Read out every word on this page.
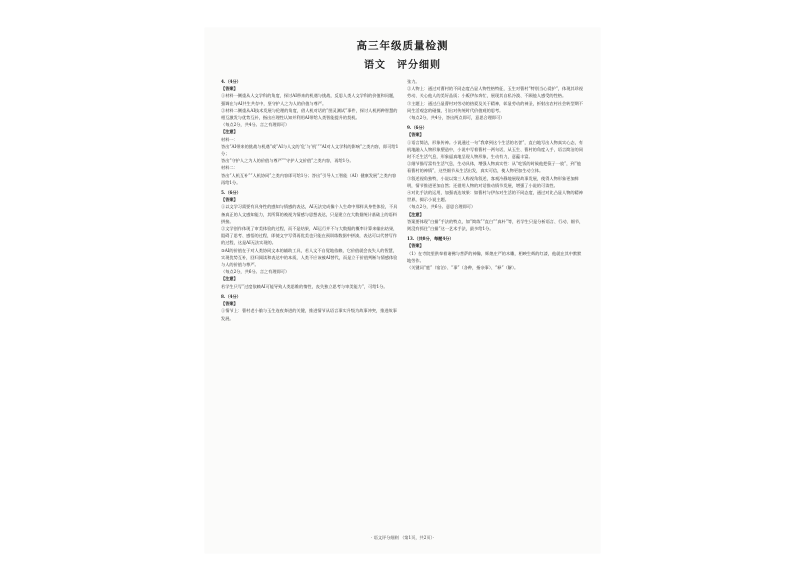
高三年级质量检测
语文　评分细则
4.（4分）
【答案】
①材料一侧重从人文学科的角度，探讨AI带来的机遇与挑战，反思人类人文学科的价值和问题，强调在与AI共生共存中，坚守护人之为人的价值与尊严。
②材料二侧重从AI技术发展与伦理的角度，借人机对话的“图灵测试”事件，探讨人机两种智慧的相互激发与优势互补，指出应理性认知并利用AI带给人类智能提升的契机。
（每点2分，共4分。言之有理即可）
【注意】
材料一：
答出“AI带来的挑战与机遇”或“AI与人文的‘危’与‘机’”“AI对人文学科的影响”之类内容，即可给1分；
答出“守护人之为人的价值与尊严”“守护人文价值”之类内容，再给1分。
材料二：
答出“人机互补”“人机协同”之类内容即可给1分；答出“引导人工智能（AI）健康发展”之类内容再给1分。
5.（6分）
【答案】
①以文学习需要有具身性的感知与情感的表达，AI无法完成像个人生命中那样具身性体验，不具备真正的人文感知能力，其所算的被视为情感与思想表达，只是建立在大数据统计基础上的语料拼接。
②文学创作体现了审美体验的过程，而不是结果，AI运行并不与大数据的概率计算来输出结果，阻碍了思考、感悟的过程，即使文字写得再优美也只能在预训练数据中拼凑，表达可以代替写作的过程，这是AI无法实现的。
③AI的价值在于对人类协同文本的辅助工具，若人文不自觉地依赖，它价值就会丧失人的智慧，实现优势互补，回归阅读和表达中的本质，人类不应该被AI替代，而是立于价值判断与情感体验与人的价值与尊严。
（每点2分，共6分。言之有理即可）
【注意】
若学生只写“过度依赖AI可能导致人类思维的惰性，丧失独立思考与审美能力”，可给1分。
8.（4分）
【答案】
①情节上：曹村老小偷与玉生连夜奔进的关键，推进情节从语言事实升级为故事冲突，推进故事发展。
张力。
②人物上：通过对曹村的不同态度凸显人物性格特征，玉生对曹村“特别当心爱护”，体现其珍视劳动、关心他人的美好品质；小贩伊东奔忙，展现其自私冷漠、不顾他人感受的性格。
③主题上：通过凸显曹村对劳动的热爱及关于精神，彰显劳动的神圣，折射出农村社会转型期不同生活观念的碰撞，引出对传统时代价值观的思考。
（每点2分，共4分，答出两点即可，意思合理即可）
9.（6分）
【答案】
①语言简洁，形象传神。小说通过一句“我拿到这个生活的名誉”，直白地写出人物真实心态，有机地融入人物形象塑造中，小说中写着曹村一两句话，从玉生、曹村的角度入手，语言简洁的同时不乏生活气息，形象逼真地呈现人物形象，生动有力，意蕴丰富。
②细节描写富有生活气息，生动具体，增强人物真实性：从“吃饭的时候他把筷子一放”，到“他看曹村的神情”，这些细节从生活出发，真实可信，使人物更加生动立体。
③叙述视角独特，小说以第三人称视角叙述，客观冷静地展现故事发展，使得人物形象更加鲜明，情节推进更加自然；还借用人物的对话推动情节发展，增强了小说的可读性。
④对比手法的运用，加强表达效果：如曹村与伊东对生活的不同态度，通过对比凸显人物的精神世界，揭示小说主题。
（每点2分，共6分。意思合理即可）
【注意】
答案要体现“白描”手法的特点，如“简练”“直白”“真朴”等，若学生只是分析语言、行动、细节，则没有抓住“白描”这一艺术手法，最多给1分。
13.（共8分，每题4分）
【答案】
（1）在寺院里供奉着诸佛与菩萨的神像，辉煌庄严的木雕，相映生辉的红漆，他就在其中默默地劳作。
（关键词“庭”（宿泊）、“事”（各种，指杂事）、“释”（解）。
· 语文评分细则 （第1页，共2页）·
